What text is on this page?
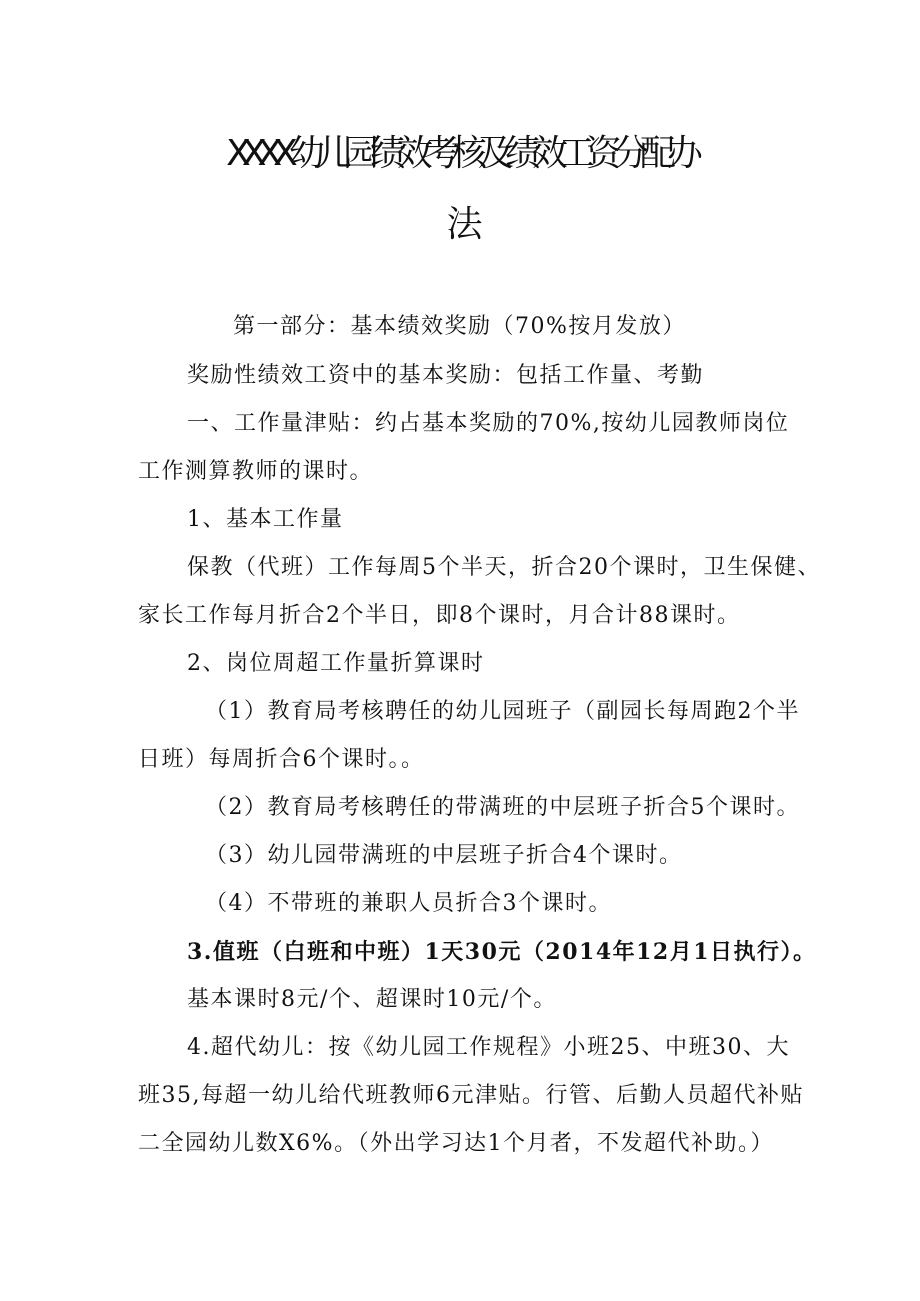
XXXX幼儿园绩效考核及绩效工资分配办
法
第一部分：基本绩效奖励（70%按月发放）
奖励性绩效工资中的基本奖励：包括工作量、考勤
一、工作量津贴：约占基本奖励的70%,按幼儿园教师岗位
工作测算教师的课时。
1、基本工作量
保教（代班）工作每周5个半天，折合20个课时，卫生保健、
家长工作每月折合2个半日，即8个课时，月合计88课时。
2、岗位周超工作量折算课时
（1）教育局考核聘任的幼儿园班子（副园长每周跑2个半
日班）每周折合6个课时。。
（2）教育局考核聘任的带满班的中层班子折合5个课时。
（3）幼儿园带满班的中层班子折合4个课时。
（4）不带班的兼职人员折合3个课时。
3.值班（白班和中班）1天30元（2014年12月1日执行）。
基本课时8元/个、超课时10元/个。
4.超代幼儿：按《幼儿园工作规程》小班25、中班30、大
班35,每超一幼儿给代班教师6元津贴。行管、后勤人员超代补贴
二全园幼儿数X6%。（外出学习达1个月者，不发超代补助。）
